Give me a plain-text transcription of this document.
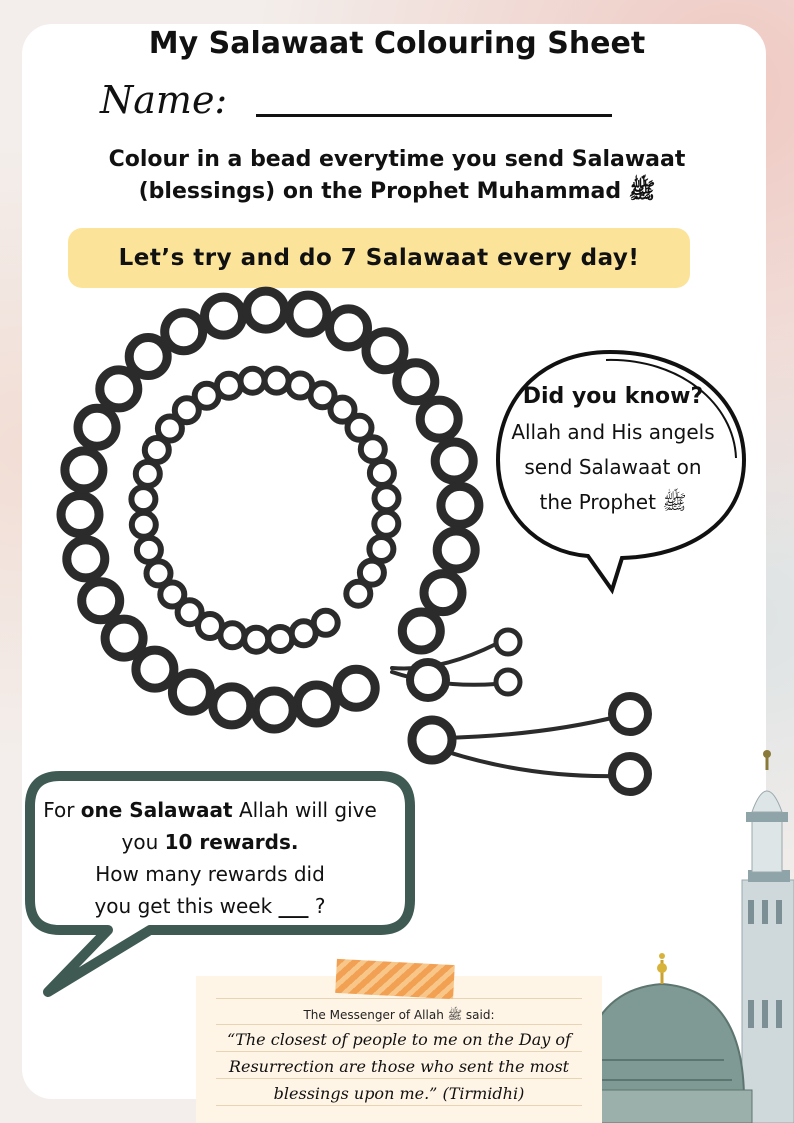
My Salawaat Colouring Sheet
Name:
Colour in a bead everytime you send Salawaat
(blessings) on the Prophet Muhammad ﷺ
Let’s try and do 7 Salawaat every day!
Did you know?
Allah and His angels
send Salawaat on
the Prophet ﷺ
For one Salawaat Allah will give
you 10 rewards.
How many rewards did
you get this week ___ ?
The Messenger of Allah ﷺ said:
“The closest of people to me on the Day of
Resurrection are those who sent the most
blessings upon me.” (Tirmidhi)
